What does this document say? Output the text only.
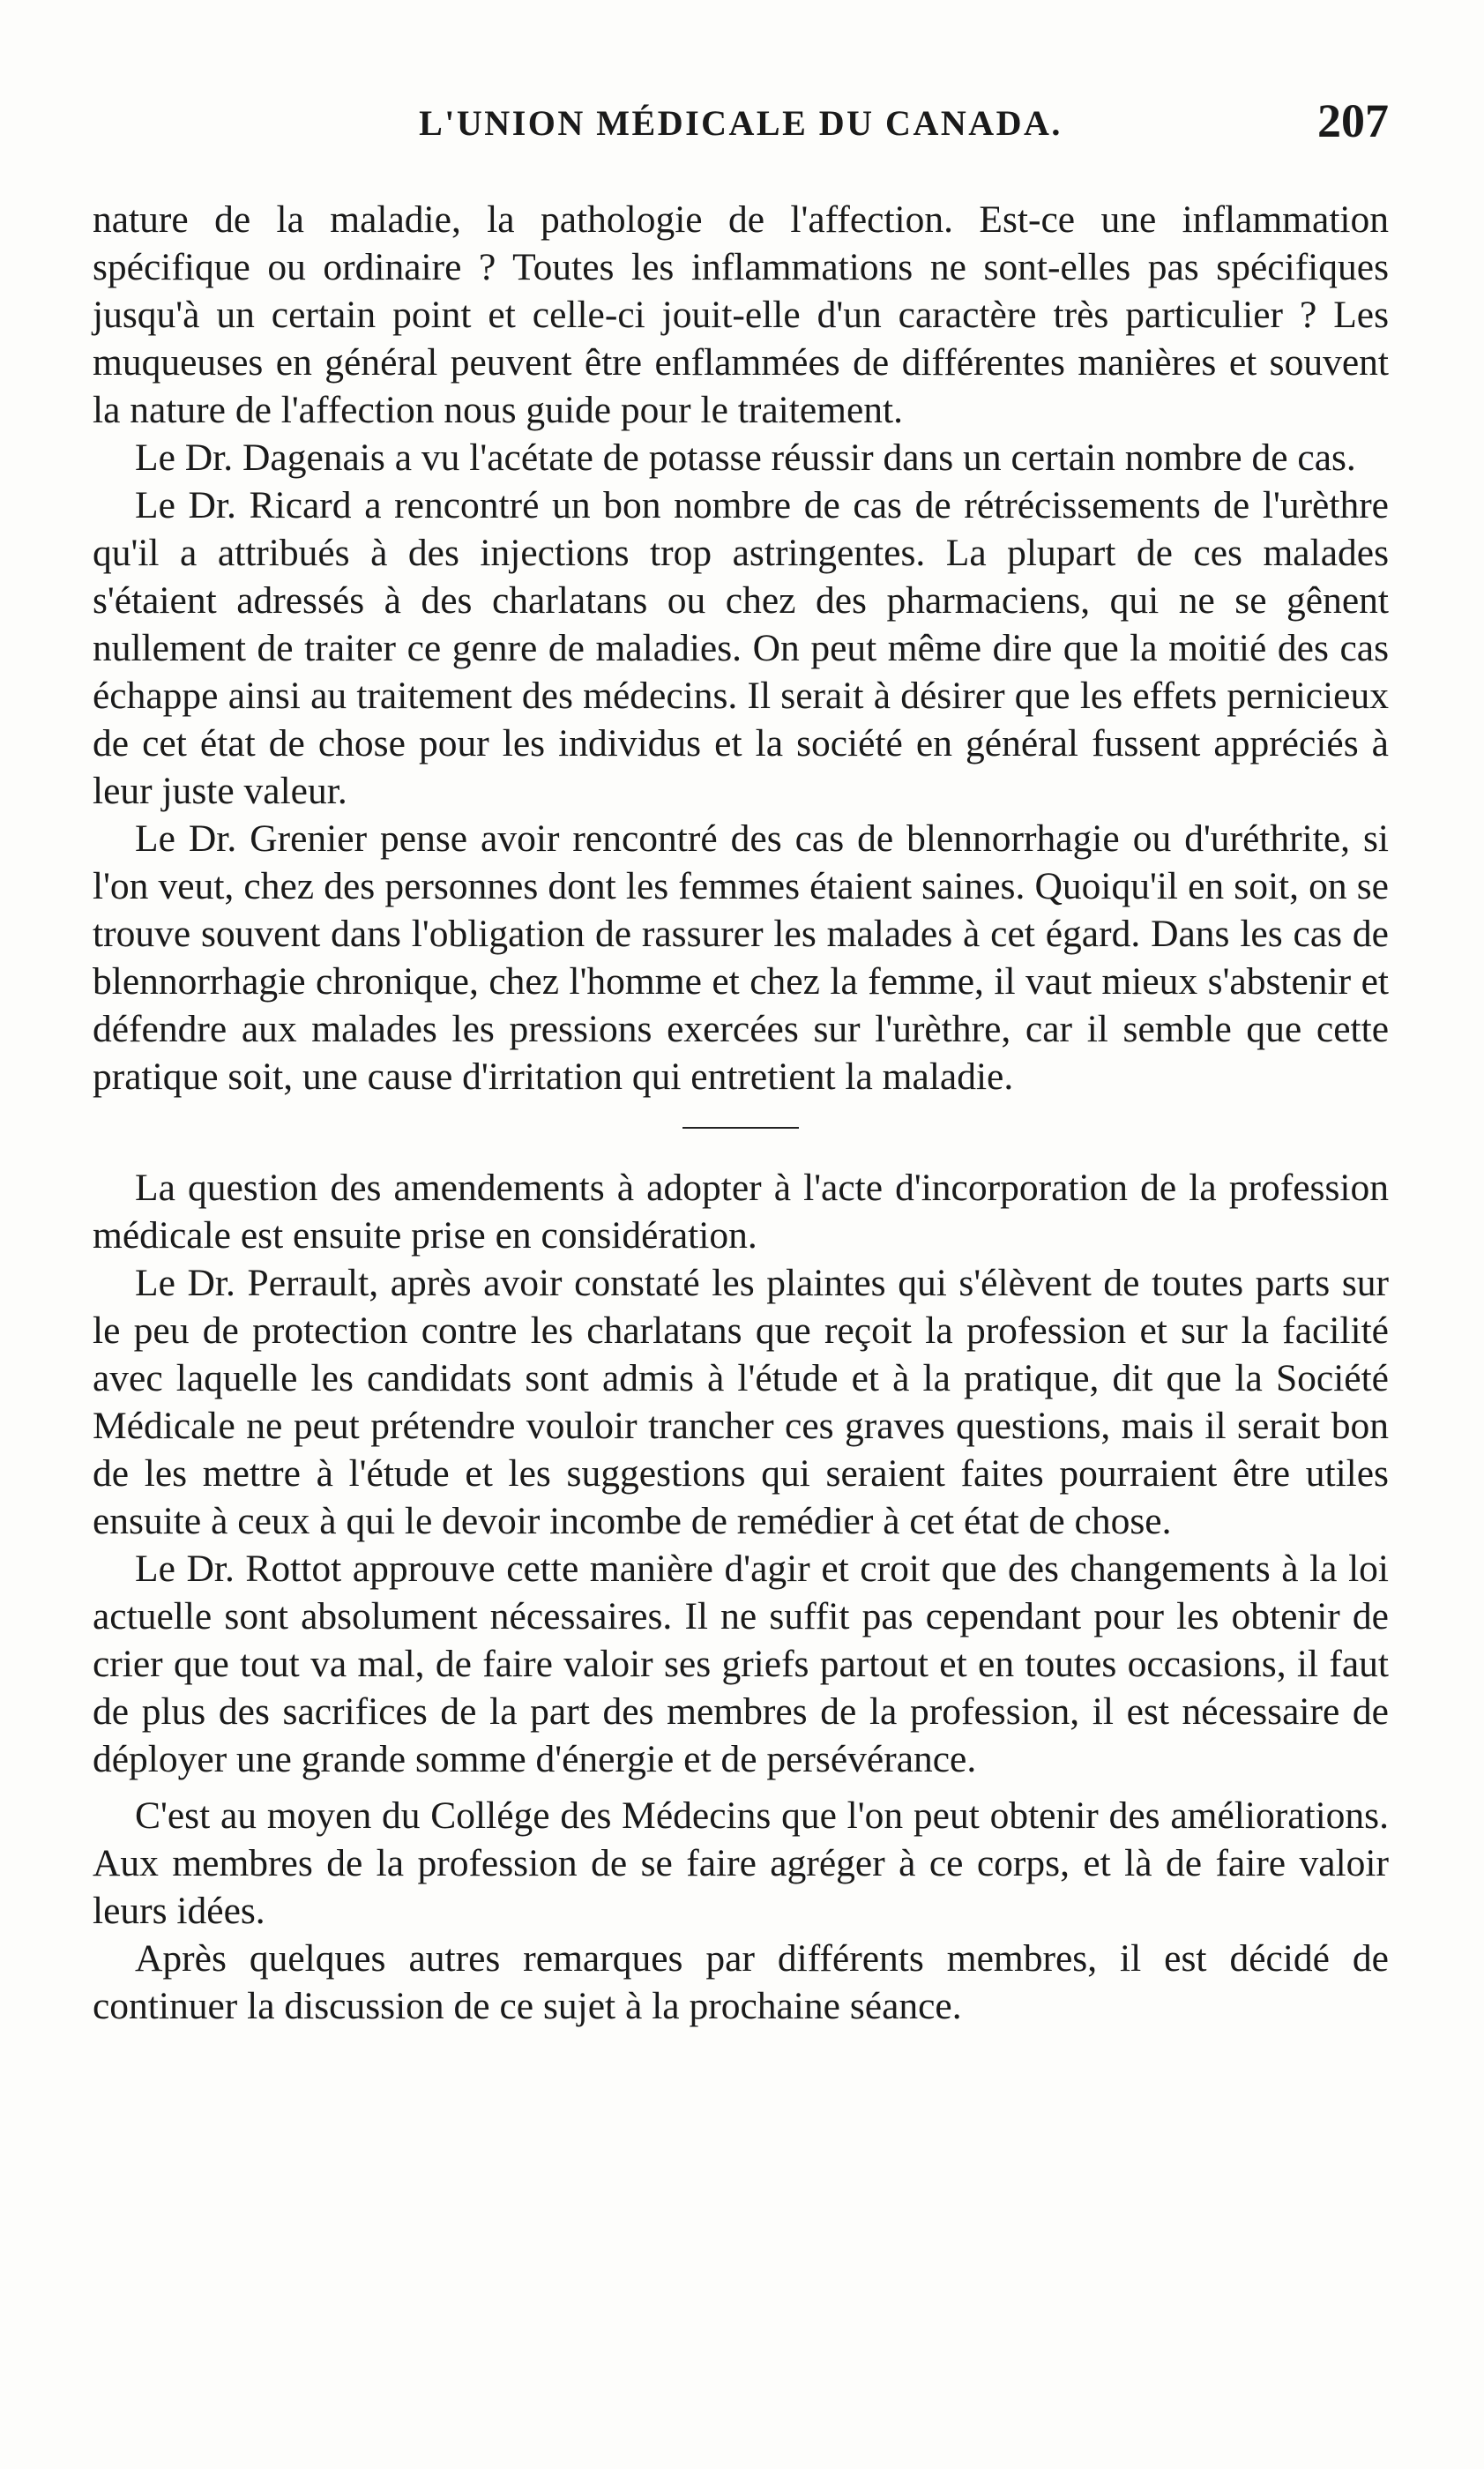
L'UNION MÉDICALE DU CANADA.	207

nature de la maladie, la pathologie de l'affection. Est-ce une inflammation spécifique ou ordinaire ? Toutes les inflammations ne sont-elles pas spécifiques jusqu'à un certain point et celle-ci jouit-elle d'un caractère très particulier ? Les muqueuses en général peuvent être enflammées de différentes manières et souvent la nature de l'affection nous guide pour le traitement.

Le Dr. Dagenais a vu l'acétate de potasse réussir dans un certain nombre de cas.

Le Dr. Ricard a rencontré un bon nombre de cas de rétrécissements de l'urèthre qu'il a attribués à des injections trop astringentes. La plupart de ces malades s'étaient adressés à des charlatans ou chez des pharmaciens, qui ne se gênent nullement de traiter ce genre de maladies. On peut même dire que la moitié des cas échappe ainsi au traitement des médecins. Il serait à désirer que les effets pernicieux de cet état de chose pour les individus et la société en général fussent appréciés à leur juste valeur.

Le Dr. Grenier pense avoir rencontré des cas de blennorrhagie ou d'uréthrite, si l'on veut, chez des personnes dont les femmes étaient saines. Quoiqu'il en soit, on se trouve souvent dans l'obligation de rassurer les malades à cet égard. Dans les cas de blennorrhagie chronique, chez l'homme et chez la femme, il vaut mieux s'abstenir et défendre aux malades les pressions exercées sur l'urèthre, car il semble que cette pratique soit, une cause d'irritation qui entretient la maladie.

La question des amendements à adopter à l'acte d'incorporation de la profession médicale est ensuite prise en considération.

Le Dr. Perrault, après avoir constaté les plaintes qui s'élèvent de toutes parts sur le peu de protection contre les charlatans que reçoit la profession et sur la facilité avec laquelle les candidats sont admis à l'étude et à la pratique, dit que la Société Médicale ne peut prétendre vouloir trancher ces graves questions, mais il serait bon de les mettre à l'étude et les suggestions qui seraient faites pourraient être utiles ensuite à ceux à qui le devoir incombe de remédier à cet état de chose.

Le Dr. Rottot approuve cette manière d'agir et croit que des changements à la loi actuelle sont absolument nécessaires. Il ne suffit pas cependant pour les obtenir de crier que tout va mal, de faire valoir ses griefs partout et en toutes occasions, il faut de plus des sacrifices de la part des membres de la profession, il est nécessaire de déployer une grande somme d'énergie et de persévérance.

C'est au moyen du Collége des Médecins que l'on peut obtenir des améliorations. Aux membres de la profession de se faire agréger à ce corps, et là de faire valoir leurs idées.

Après quelques autres remarques par différents membres, il est décidé de continuer la discussion de ce sujet à la prochaine séance.
